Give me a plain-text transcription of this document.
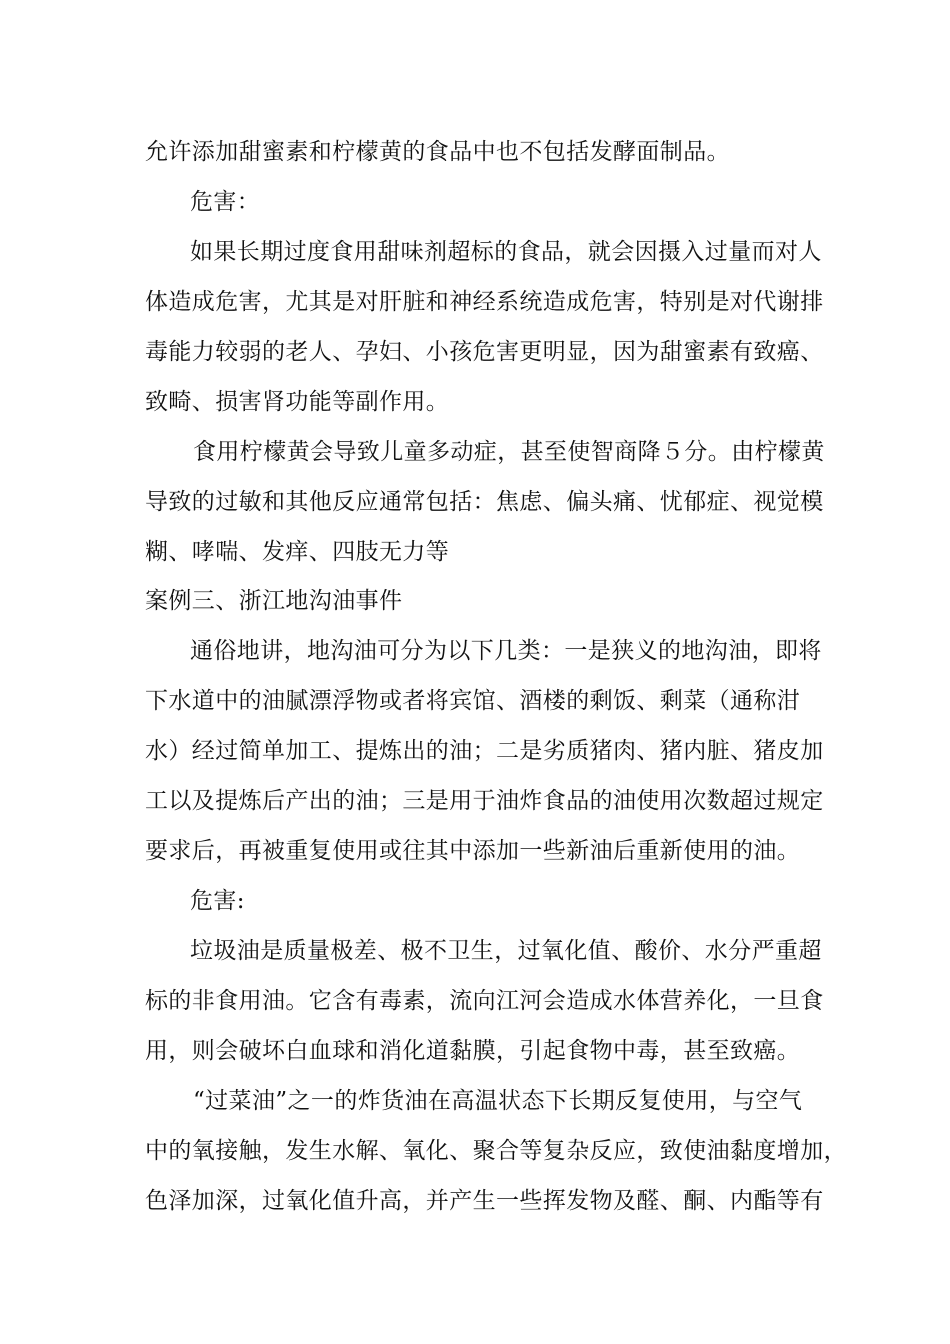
允许添加甜蜜素和柠檬黄的食品中也不包括发酵面制品。
危害：
如果长期过度食用甜味剂超标的食品，就会因摄入过量而对人
体造成危害，尤其是对肝脏和神经系统造成危害，特别是对代谢排
毒能力较弱的老人、孕妇、小孩危害更明显，因为甜蜜素有致癌、
致畸、损害肾功能等副作用。
食用柠檬黄会导致儿童多动症，甚至使智商降５分。由柠檬黄
导致的过敏和其他反应通常包括：焦虑、偏头痛、忧郁症、视觉模
糊、哮喘、发痒、四肢无力等
案例三、浙江地沟油事件
通俗地讲，地沟油可分为以下几类：一是狭义的地沟油，即将
下水道中的油腻漂浮物或者将宾馆、酒楼的剩饭、剩菜（通称泔
水）经过简单加工、提炼出的油；二是劣质猪肉、猪内脏、猪皮加
工以及提炼后产出的油；三是用于油炸食品的油使用次数超过规定
要求后，再被重复使用或往其中添加一些新油后重新使用的油。
危害:
垃圾油是质量极差、极不卫生，过氧化值、酸价、水分严重超
标的非食用油。它含有毒素，流向江河会造成水体营养化，一旦食
用，则会破坏白血球和消化道黏膜，引起食物中毒，甚至致癌。
“过菜油”之一的炸货油在高温状态下长期反复使用，与空气
中的氧接触，发生水解、氧化、聚合等复杂反应，致使油黏度增加，
色泽加深，过氧化值升高，并产生一些挥发物及醛、酮、内酯等有
